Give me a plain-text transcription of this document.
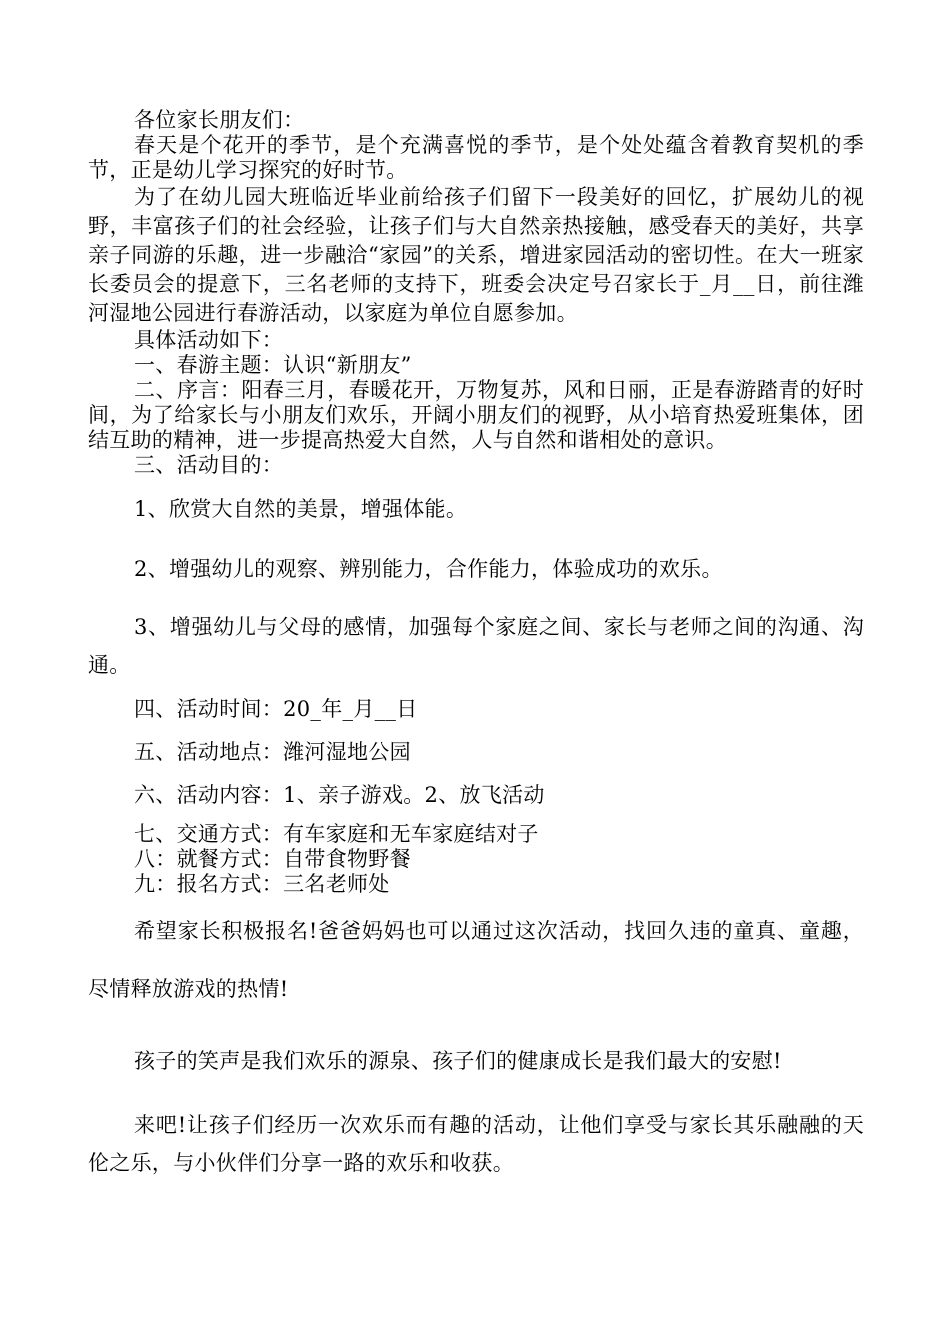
各位家长朋友们：

春天是个花开的季节，是个充满喜悦的季节，是个处处蕴含着教育契机的季节，正是幼儿学习探究的好时节。

为了在幼儿园大班临近毕业前给孩子们留下一段美好的回忆，扩展幼儿的视野，丰富孩子们的社会经验，让孩子们与大自然亲热接触，感受春天的美好，共享亲子同游的乐趣，进一步融洽“家园”的关系，增进家园活动的密切性。在大一班家长委员会的提意下，三名老师的支持下，班委会决定号召家长于_月__日，前往潍河湿地公园进行春游活动，以家庭为单位自愿参加。

具体活动如下：

一、春游主题：认识“新朋友”

二、序言：阳春三月，春暖花开，万物复苏，风和日丽，正是春游踏青的好时间，为了给家长与小朋友们欢乐，开阔小朋友们的视野，从小培育热爱班集体，团结互助的精神，进一步提高热爱大自然，人与自然和谐相处的意识。

三、活动目的：

1、欣赏大自然的美景，增强体能。

2、增强幼儿的观察、辨别能力，合作能力，体验成功的欢乐。

3、增强幼儿与父母的感情，加强每个家庭之间、家长与老师之间的沟通、沟通。

四、活动时间：20_年_月__日

五、活动地点：潍河湿地公园

六、活动内容：1、亲子游戏。2、放飞活动

七、交通方式：有车家庭和无车家庭结对子

八：就餐方式：自带食物野餐

九：报名方式：三名老师处

希望家长积极报名!爸爸妈妈也可以通过这次活动，找回久违的童真、童趣，尽情释放游戏的热情!

孩子的笑声是我们欢乐的源泉、孩子们的健康成长是我们最大的安慰!

来吧!让孩子们经历一次欢乐而有趣的活动，让他们享受与家长其乐融融的天伦之乐，与小伙伴们分享一路的欢乐和收获。
